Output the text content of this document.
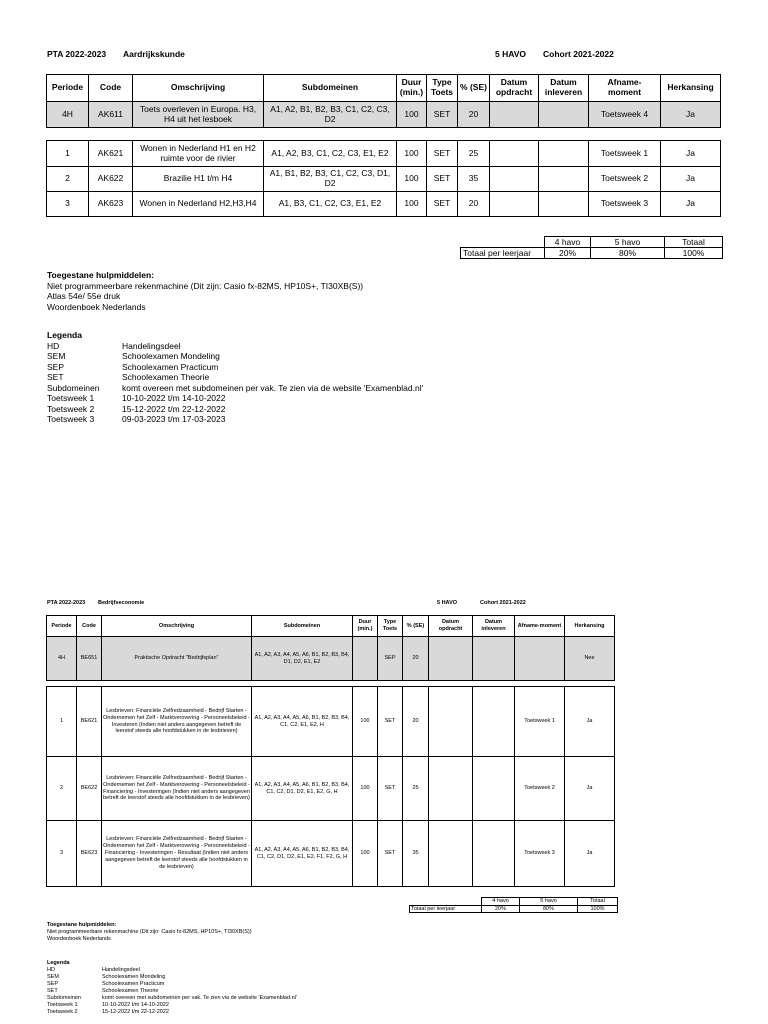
PTA 2022-2023 Aardrijkskunde	5 HAVO Cohort 2021-2022
Periode	Code	Omschrijving	Subdomeinen	Duur (min.)	Type Toets	% (SE)	Datum opdracht	Datum inleveren	Afname-moment	Herkansing
4H	AK611	Toets overleven in Europa. H3, H4 uit het lesboek	A1, A2, B1, B2, B3, C1, C2, C3, D2	100	SET	20			Toetsweek 4	Ja
1	AK621	Wonen in Nederland H1 en H2 ruimte voor de rivier	A1, A2, B3, C1, C2, C3, E1, E2	100	SET	25			Toetsweek 1	Ja
2	AK622	Brazilie H1 t/m H4	A1, B1, B2, B3, C1, C2, C3, D1, D2	100	SET	35			Toetsweek 2	Ja
3	AK623	Wonen in Nederland H2,H3,H4	A1, B3, C1, C2, C3, E1, E2	100	SET	20			Toetsweek 3	Ja
	4 havo	5 havo	Totaal
Totaal per leerjaar	20%	80%	100%
Toegestane hulpmiddelen:
Niet programmeerbare rekenmachine (Dit zijn: Casio fx-82MS, HP10S+, TI30XB(S))
Atlas 54e/ 55e druk
Woordenboek Nederlands
Legenda
HD	Handelingsdeel
SEM	Schoolexamen Mondeling
SEP	Schoolexamen Practicum
SET	Schoolexamen Theorie
Subdomeinen	komt overeen met subdomeinen per vak. Te zien via de website 'Examenblad.nl'
Toetsweek 1	10-10-2022 t/m 14-10-2022
Toetsweek 2	15-12-2022 t/m 22-12-2022
Toetsweek 3	09-03-2023 t/m 17-03-2023
PTA 2022-2023 Bedrijfseconomie	5 HAVO	Cohort 2021-2022
Periode	Code	Omschrijving	Subdomeinen	Duur (min.)	Type Toets	% (SE)	Datum opdracht	Datum inleveren	Afname-moment	Herkansing
4H	BE651	Praktische Opdracht "Bedrijfsplan"	A1, A2, A3, A4, A5, A6, B1, B2, B3, B4, D1, D2, E1, E2		SEP	20				Nee
1	BE621	Lesbrieven: Financiële Zelfredzaamheid - Bedrijf Starten - Ondernemen het Zelf - Marktverovering - Personeelsbeleid - Investeren (Indien niet anders aangegeven betreft de leerstof steeds alle hoofdstukken in de lesbrieven)	A1, A2, A3, A4, A5, A6, B1, B2, B3, B4, C1, C2, E1, E2, H	100	SET	20			Toetsweek 1	Ja
2	BE622	Lesbrieven: Financiële Zelfredzaamheid - Bedrijf Starten - Ondernemen het Zelf - Marktverovering - Personeelsbeleid - Financiering - Investeringen (Indien niet anders aangegeven betreft de leerstof steeds alle hoofdstukken in de lesbrieven)	A1, A2, A3, A4, A5, A6, B1, B2, B3, B4, C1, C2, D1, D2, E1, E2, G, H	100	SET	25			Toetsweek 2	Ja
3	BE623	Lesbrieven: Financiële Zelfredzaamheid - Bedrijf Starten - Ondernemen het Zelf - Marktverovering - Personeelsbeleid - Financiering - Investeringen - Resultaat (Indien niet anders aangegeven betreft de leerstof steeds alle hoofdstukken in de lesbrieven)	A1, A2, A3, A4, A5, A6, B1, B2, B3, B4, C1, C2, D1, D2, E1, E2, F1, F2, G, H	100	SET	35			Toetsweek 3	Ja
	4 havo	5 havo	Totaal
Totaal per leerjaar	20%	80%	100%
Toegestane hulpmiddelen:
Niet programmeerbare rekenmachine (Dit zijn: Casio fx-82MS, HP10S+, TI30XB(S))
Woordenboek Nederlands
Legenda
HD	Handelingsdeel
SEM	Schoolexamen Mondeling
SEP	Schoolexamen Practicum
SET	Schoolexamen Theorie
Subdomeinen	komt overeen met subdomeinen per vak. Te zien via de website 'Examenblad.nl'
Toetsweek 1	10-10-2022 t/m 14-10-2022
Toetsweek 2	15-12-2022 t/m 22-12-2022
